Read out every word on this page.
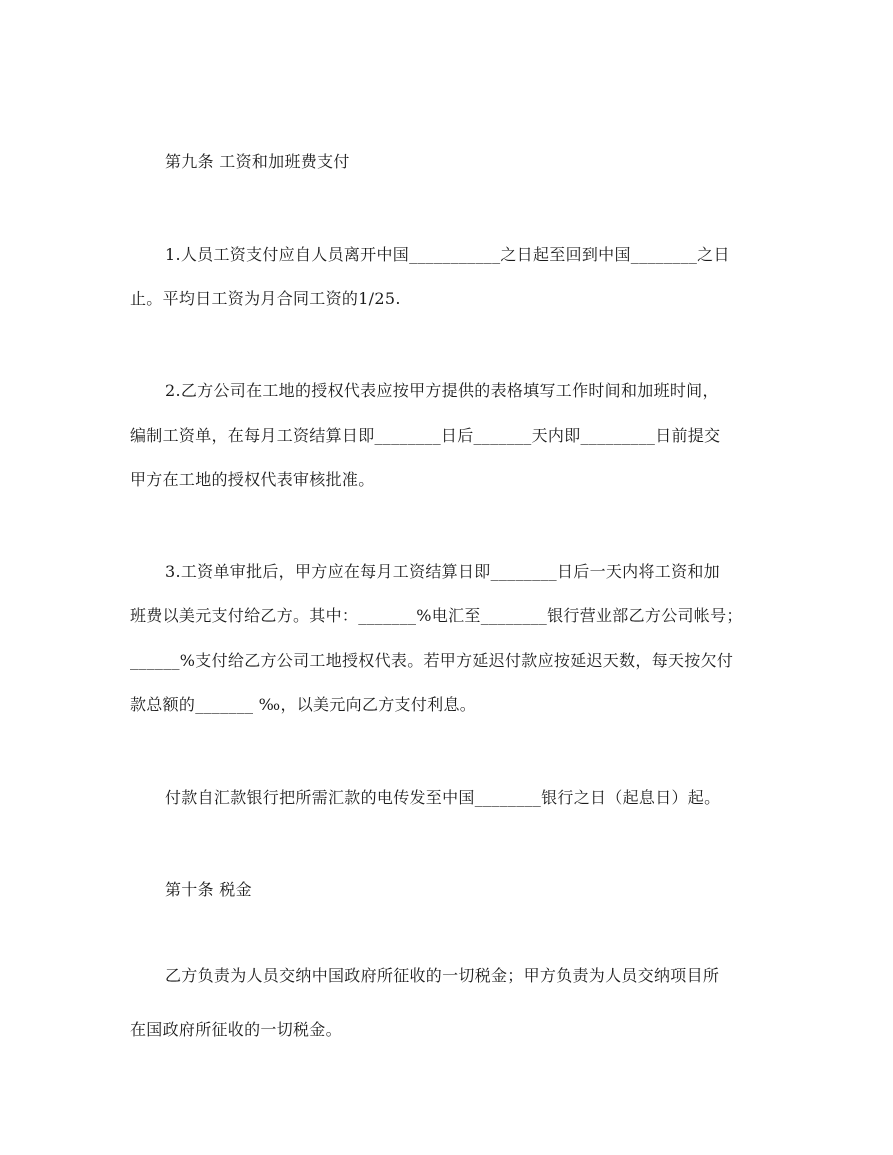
第九条 工资和加班费支付
1.人员工资支付应自人员离开中国___________之日起至回到中国________之日
止。平均日工资为月合同工资的1/25.
2.乙方公司在工地的授权代表应按甲方提供的表格填写工作时间和加班时间，
编制工资单，在每月工资结算日即________日后_______天内即_________日前提交
甲方在工地的授权代表审核批准。
3.工资单审批后，甲方应在每月工资结算日即________日后一天内将工资和加
班费以美元支付给乙方。其中：_______%电汇至________银行营业部乙方公司帐号；
______%支付给乙方公司工地授权代表。若甲方延迟付款应按延迟天数，每天按欠付
款总额的_______ ‰，以美元向乙方支付利息。
付款自汇款银行把所需汇款的电传发至中国________银行之日（起息日）起。
第十条 税金
乙方负责为人员交纳中国政府所征收的一切税金；甲方负责为人员交纳项目所
在国政府所征收的一切税金。
